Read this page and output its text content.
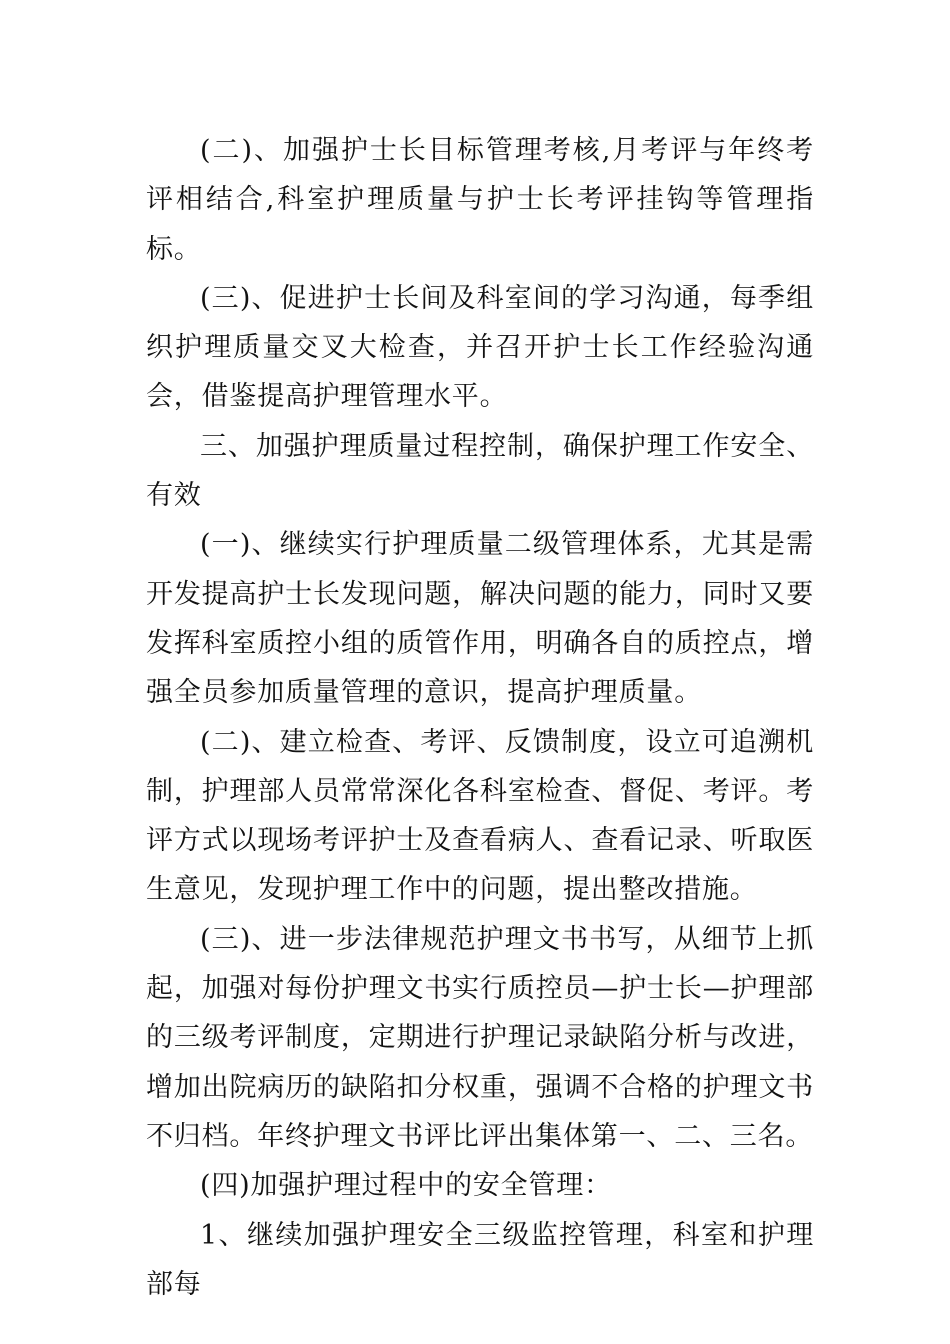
(二)、加强护士长目标管理考核,月考评与年终考评相结合,科室护理质量与护士长考评挂钩等管理指标。

(三)、促进护士长间及科室间的学习沟通，每季组织护理质量交叉大检查，并召开护士长工作经验沟通会，借鉴提高护理管理水平。

三、加强护理质量过程控制，确保护理工作安全、有效

(一)、继续实行护理质量二级管理体系，尤其是需开发提高护士长发现问题，解决问题的能力，同时又要发挥科室质控小组的质管作用，明确各自的质控点，增强全员参加质量管理的意识，提高护理质量。

(二)、建立检查、考评、反馈制度，设立可追溯机制，护理部人员常常深化各科室检查、督促、考评。考评方式以现场考评护士及查看病人、查看记录、听取医生意见，发现护理工作中的问题，提出整改措施。

(三)、进一步法律规范护理文书书写，从细节上抓起，加强对每份护理文书实行质控员—护士长—护理部的三级考评制度，定期进行护理记录缺陷分析与改进，增加出院病历的缺陷扣分权重，强调不合格的护理文书不归档。年终护理文书评比评出集体第一、二、三名。

(四)加强护理过程中的安全管理：

1、继续加强护理安全三级监控管理，科室和护理部每
